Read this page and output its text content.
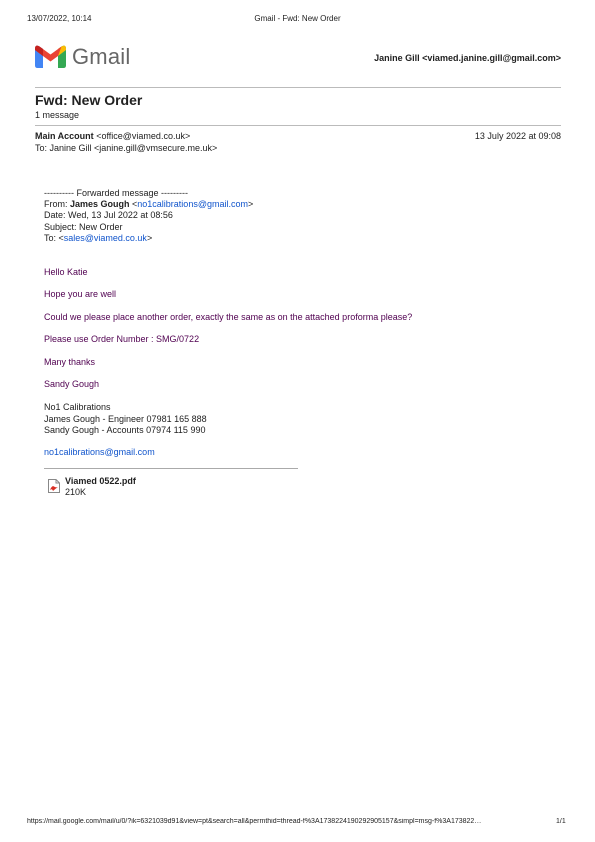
13/07/2022, 10:14	Gmail - Fwd: New Order
Gmail	Janine Gill <viamed.janine.gill@gmail.com>
Fwd: New Order
1 message
Main Account <office@viamed.co.uk>	13 July 2022 at 09:08
To: Janine Gill <janine.gill@vmsecure.me.uk>
---------- Forwarded message ---------
From: James Gough <no1calibrations@gmail.com>
Date: Wed, 13 Jul 2022 at 08:56
Subject: New Order
To: <sales@viamed.co.uk>
Hello Katie
Hope you are well
Could we please place another order, exactly the same as on the attached proforma please?
Please use Order Number : SMG/0722
Many thanks
Sandy Gough
No1 Calibrations
James Gough - Engineer 07981 165 888
Sandy Gough - Accounts 07974 115 990
no1calibrations@gmail.com
Viamed 0522.pdf
210K
https://mail.google.com/mail/u/0/?ik=6321039d91&view=pt&search=all&permthid=thread-f%3A1738224190292905157&simpl=msg-f%3A173822…	1/1
